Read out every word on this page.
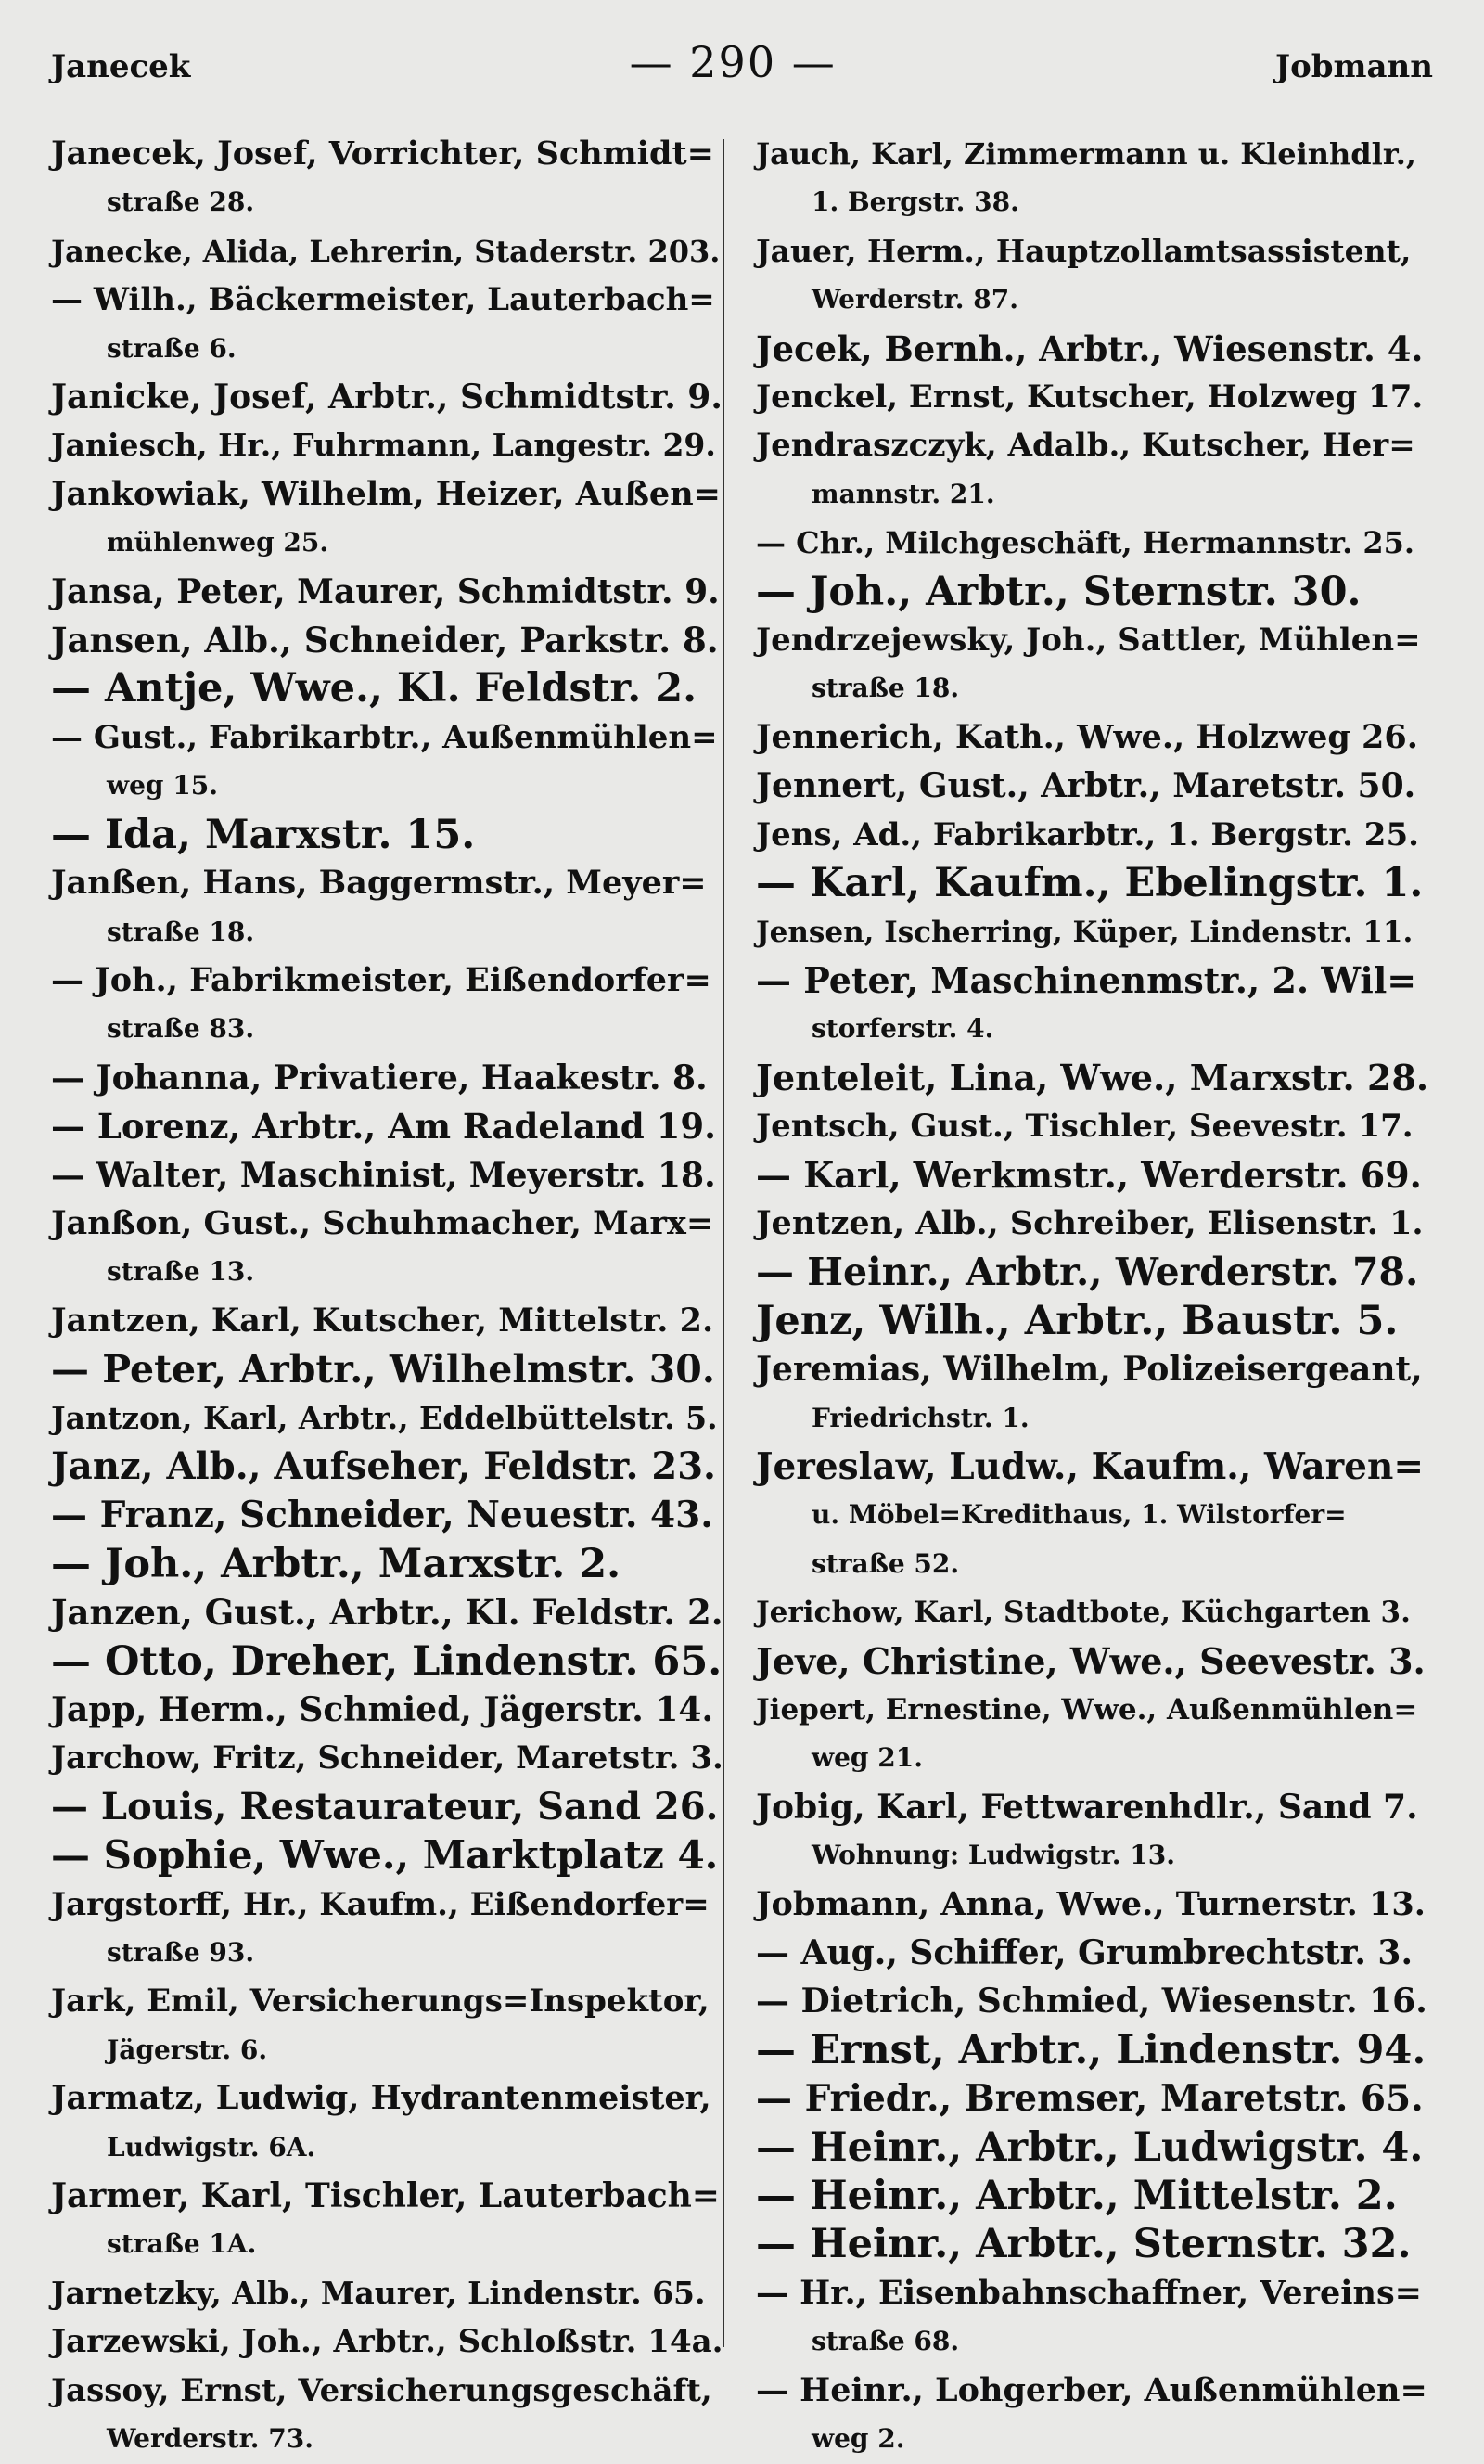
Janecek	— 290 —	Jobmann
Janecek, Josef, Vorrichter, Schmidt=
straße 28.
Janecke, Alida, Lehrerin, Staderstr. 203.
— Wilh., Bäckermeister, Lauterbach=
straße 6.
Janicke, Josef, Arbtr., Schmidtstr. 9.
Janiesch, Hr., Fuhrmann, Langestr. 29.
Jankowiak, Wilhelm, Heizer, Außen=
mühlenweg 25.
Jansa, Peter, Maurer, Schmidtstr. 9.
Jansen, Alb., Schneider, Parkstr. 8.
— Antje, Wwe., Kl. Feldstr. 2.
— Gust., Fabrikarbtr., Außenmühlen=
weg 15.
— Ida, Marxstr. 15.
Janßen, Hans, Baggermstr., Meyer=
straße 18.
— Joh., Fabrikmeister, Eißendorfer=
straße 83.
— Johanna, Privatiere, Haakestr. 8.
— Lorenz, Arbtr., Am Radeland 19.
— Walter, Maschinist, Meyerstr. 18.
Janßon, Gust., Schuhmacher, Marx=
straße 13.
Jantzen, Karl, Kutscher, Mittelstr. 2.
— Peter, Arbtr., Wilhelmstr. 30.
Jantzon, Karl, Arbtr., Eddelbüttelstr. 5.
Janz, Alb., Aufseher, Feldstr. 23.
— Franz, Schneider, Neuestr. 43.
— Joh., Arbtr., Marxstr. 2.
Janzen, Gust., Arbtr., Kl. Feldstr. 2.
— Otto, Dreher, Lindenstr. 65.
Japp, Herm., Schmied, Jägerstr. 14.
Jarchow, Fritz, Schneider, Maretstr. 3.
— Louis, Restaurateur, Sand 26.
— Sophie, Wwe., Marktplatz 4.
Jargstorff, Hr., Kaufm., Eißendorfer=
straße 93.
Jark, Emil, Versicherungs=Inspektor,
Jägerstr. 6.
Jarmatz, Ludwig, Hydrantenmeister,
Ludwigstr. 6A.
Jarmer, Karl, Tischler, Lauterbach=
straße 1A.
Jarnetzky, Alb., Maurer, Lindenstr. 65.
Jarzewski, Joh., Arbtr., Schloßstr. 14a.
Jassoy, Ernst, Versicherungsgeschäft,
Werderstr. 73.
Jauch, Karl, Zimmermann u. Kleinhdlr.,
1. Bergstr. 38.
Jauer, Herm., Hauptzollamtsassistent,
Werderstr. 87.
Jecek, Bernh., Arbtr., Wiesenstr. 4.
Jenckel, Ernst, Kutscher, Holzweg 17.
Jendraszczyk, Adalb., Kutscher, Her=
mannstr. 21.
— Chr., Milchgeschäft, Hermannstr. 25.
— Joh., Arbtr., Sternstr. 30.
Jendrzejewsky, Joh., Sattler, Mühlen=
straße 18.
Jennerich, Kath., Wwe., Holzweg 26.
Jennert, Gust., Arbtr., Maretstr. 50.
Jens, Ad., Fabrikarbtr., 1. Bergstr. 25.
— Karl, Kaufm., Ebelingstr. 1.
Jensen, Ischerring, Küper, Lindenstr. 11.
— Peter, Maschinenmstr., 2. Wil=
storferstr. 4.
Jenteleit, Lina, Wwe., Marxstr. 28.
Jentsch, Gust., Tischler, Seevestr. 17.
— Karl, Werkmstr., Werderstr. 69.
Jentzen, Alb., Schreiber, Elisenstr. 1.
— Heinr., Arbtr., Werderstr. 78.
Jenz, Wilh., Arbtr., Baustr. 5.
Jeremias, Wilhelm, Polizeisergeant,
Friedrichstr. 1.
Jereslaw, Ludw., Kaufm., Waren=
u. Möbel=Kredithaus, 1. Wilstorfer=
straße 52.
Jerichow, Karl, Stadtbote, Küchgarten 3.
Jeve, Christine, Wwe., Seevestr. 3.
Jiepert, Ernestine, Wwe., Außenmühlen=
weg 21.
Jobig, Karl, Fettwarenhdlr., Sand 7.
Wohnung: Ludwigstr. 13.
Jobmann, Anna, Wwe., Turnerstr. 13.
— Aug., Schiffer, Grumbrechtstr. 3.
— Dietrich, Schmied, Wiesenstr. 16.
— Ernst, Arbtr., Lindenstr. 94.
— Friedr., Bremser, Maretstr. 65.
— Heinr., Arbtr., Ludwigstr. 4.
— Heinr., Arbtr., Mittelstr. 2.
— Heinr., Arbtr., Sternstr. 32.
— Hr., Eisenbahnschaffner, Vereins=
straße 68.
— Heinr., Lohgerber, Außenmühlen=
weg 2.
